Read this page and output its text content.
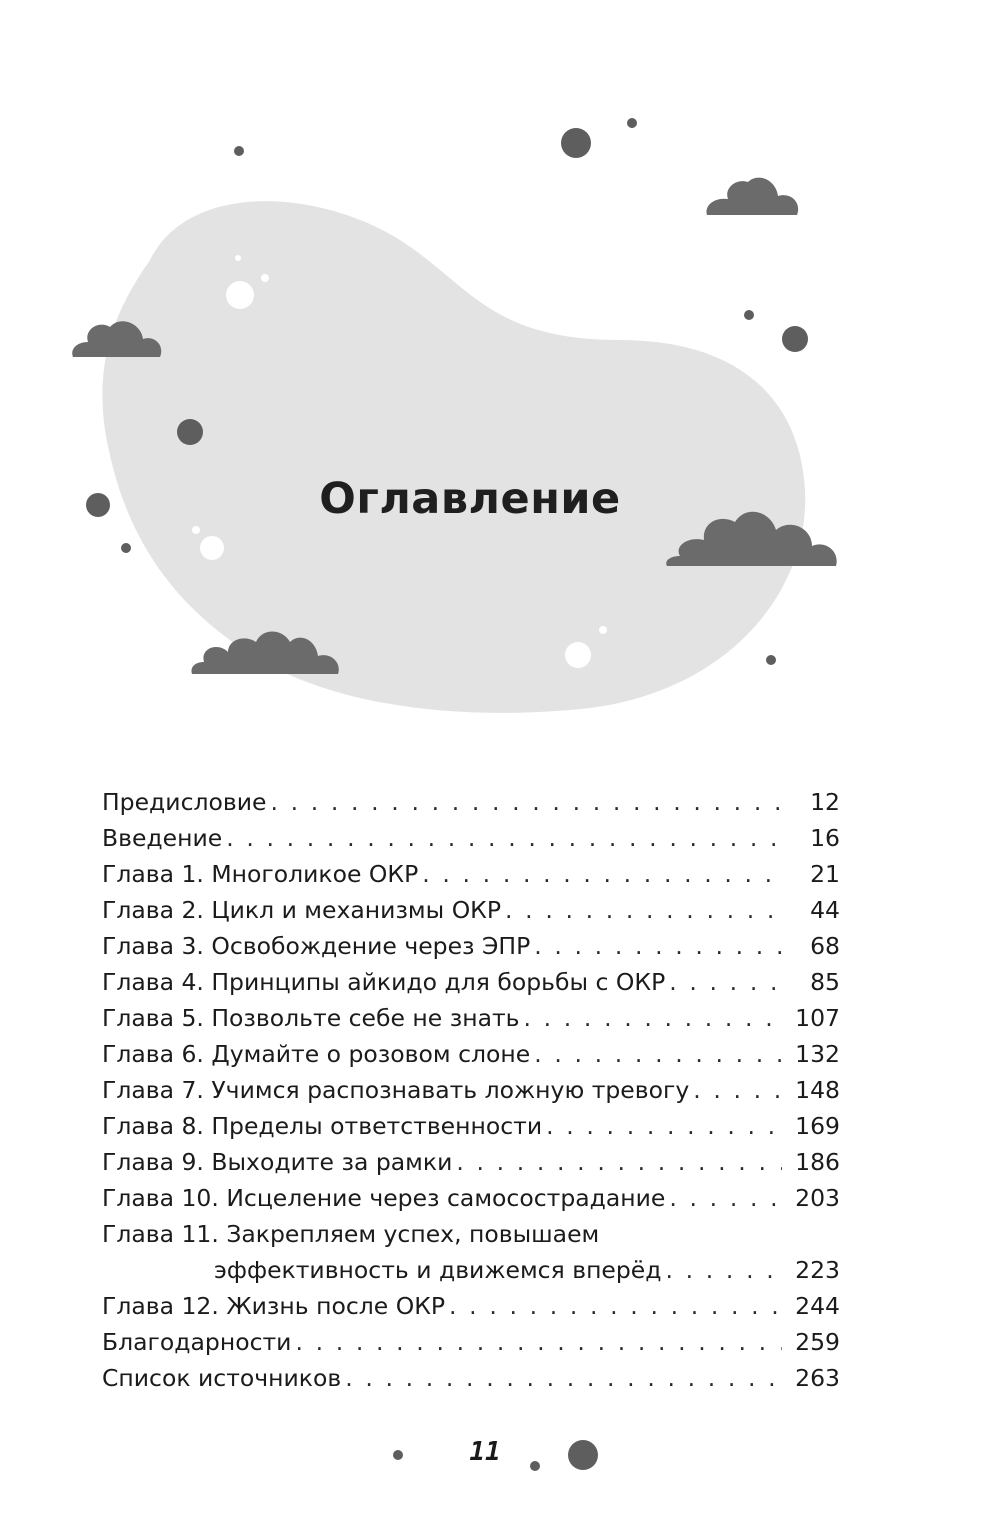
Оглавление
Предисловие . . .	12
Введение . . .	16
Глава 1. Многоликое ОКР . . .	21
Глава 2. Цикл и механизмы ОКР . . .	44
Глава 3. Освобождение через ЭПР . . .	68
Глава 4. Принципы айкидо для борьбы с ОКР . . .	85
Глава 5. Позвольте себе не знать . . .	107
Глава 6. Думайте о розовом слоне . . .	132
Глава 7. Учимся распознавать ложную тревогу . . .	148
Глава 8. Пределы ответственности . . .	169
Глава 9. Выходите за рамки . . .	186
Глава 10. Исцеление через самосострадание . . .	203
Глава 11. Закрепляем успех, повышаем
эффективность и движемся вперёд . . .	223
Глава 12. Жизнь после ОКР . . .	244
Благодарности . . .	259
Список источников . . .	263
11
